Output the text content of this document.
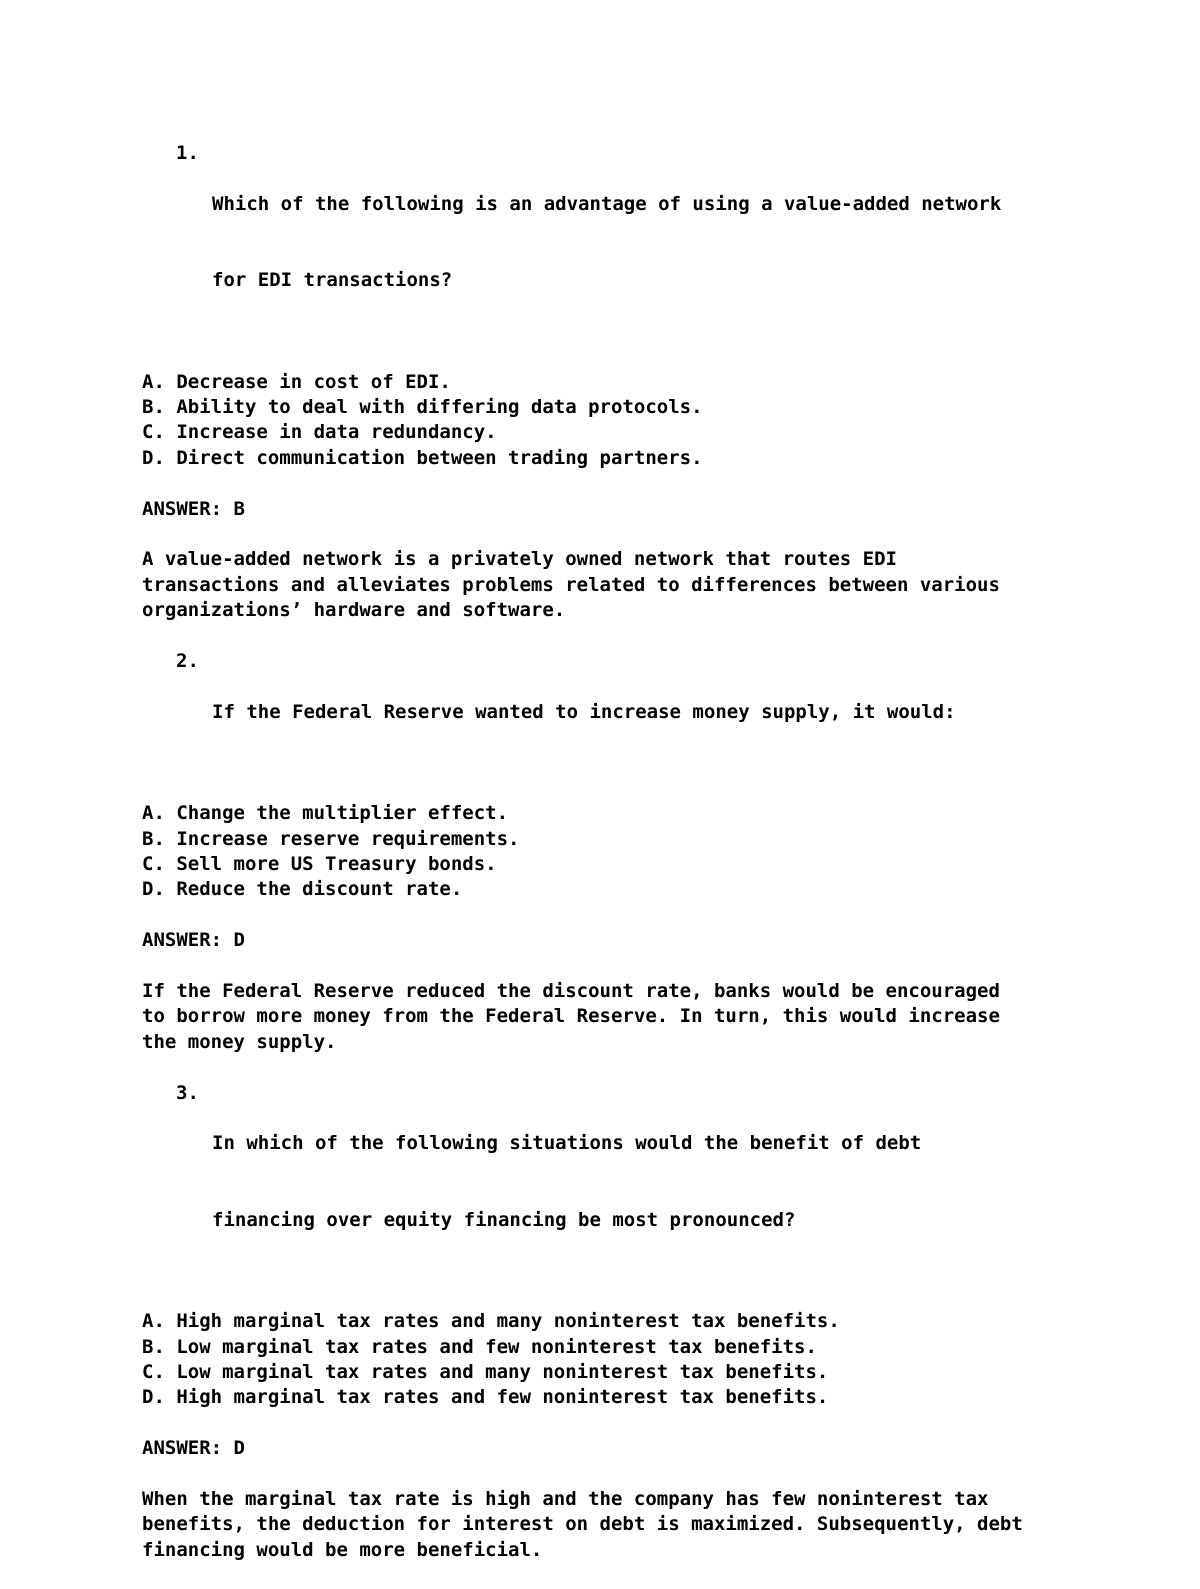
1.

Which of the following is an advantage of using a value-added network

for EDI transactions?

A. Decrease in cost of EDI.
B. Ability to deal with differing data protocols.
C. Increase in data redundancy.
D. Direct communication between trading partners.
ANSWER: B
A value-added network is a privately owned network that routes EDI
transactions and alleviates problems related to differences between various
organizations’ hardware and software.
2.

If the Federal Reserve wanted to increase money supply, it would:

A. Change the multiplier effect.
B. Increase reserve requirements.
C. Sell more US Treasury bonds.
D. Reduce the discount rate.
ANSWER: D
If the Federal Reserve reduced the discount rate, banks would be encouraged
to borrow more money from the Federal Reserve. In turn, this would increase
the money supply.
3.

In which of the following situations would the benefit of debt

financing over equity financing be most pronounced?

A. High marginal tax rates and many noninterest tax benefits.
B. Low marginal tax rates and few noninterest tax benefits.
C. Low marginal tax rates and many noninterest tax benefits.
D. High marginal tax rates and few noninterest tax benefits.
ANSWER: D
When the marginal tax rate is high and the company has few noninterest tax
benefits, the deduction for interest on debt is maximized. Subsequently, debt
financing would be more beneficial.
